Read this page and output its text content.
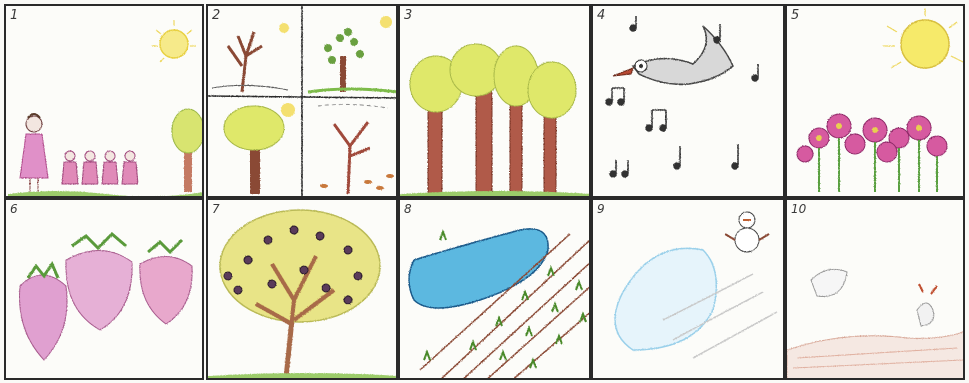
1	2	3	4	5
6	7	8	9	10
